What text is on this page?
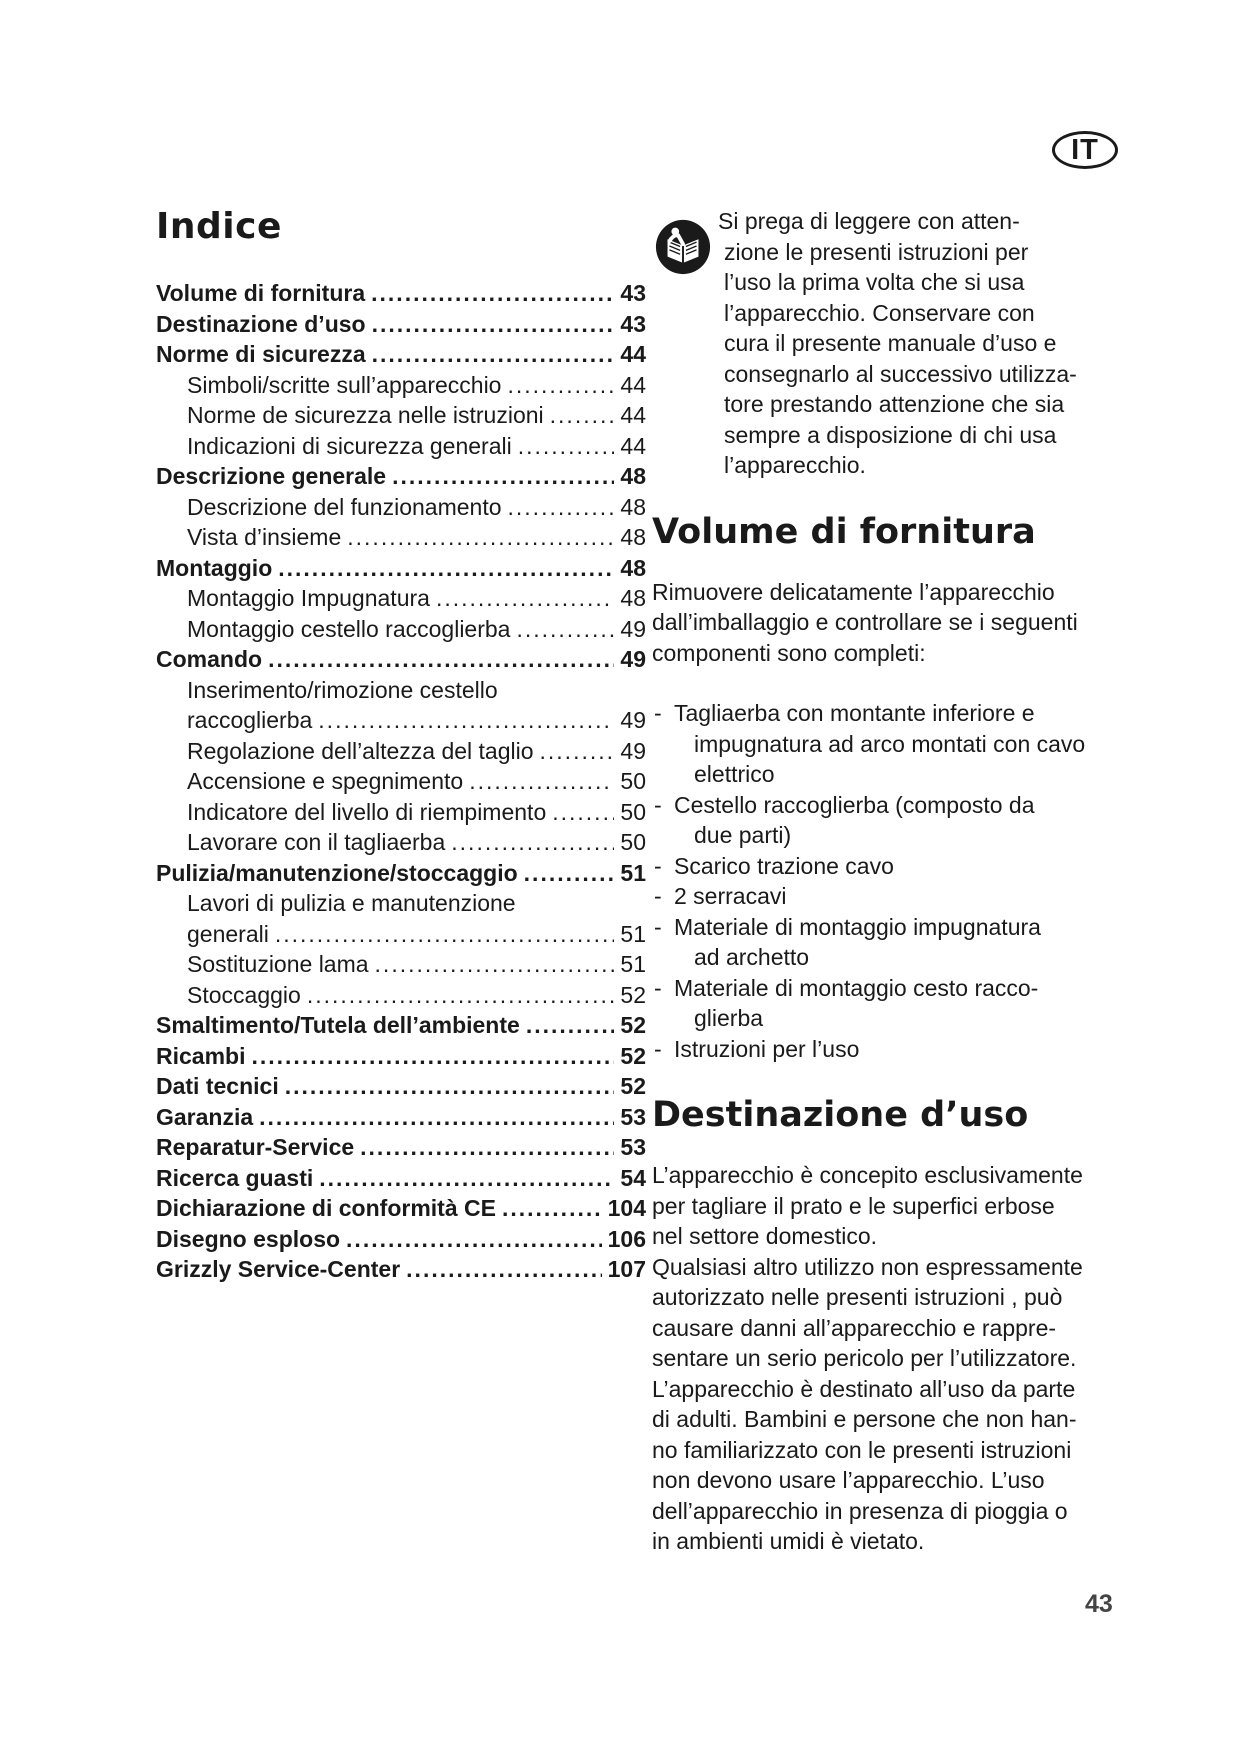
IT
Indice
Volume di fornitura .....	43
Destinazione d’uso .....	43
Norme di sicurezza .....	44
Simboli/scritte sull’apparecchio .....	44
Norme de sicurezza nelle istruzioni .....	44
Indicazioni di sicurezza generali .....	44
Descrizione generale .....	48
Descrizione del funzionamento .....	48
Vista d’insieme .....	48
Montaggio .....	48
Montaggio Impugnatura .....	48
Montaggio cestello raccoglierba .....	49
Comando .....	49
Inserimento/rimozione cestello
raccoglierba .....	49
Regolazione dell’altezza del taglio .....	49
Accensione e spegnimento .....	50
Indicatore del livello di riempimento .....	50
Lavorare con il tagliaerba .....	50
Pulizia/manutenzione/stoccaggio .....	51
Lavori di pulizia e manutenzione
generali .....	51
Sostituzione lama .....	51
Stoccaggio .....	52
Smaltimento/Tutela dell’ambiente .....	52
Ricambi .....	52
Dati tecnici .....	52
Garanzia .....	53
Reparatur-Service .....	53
Ricerca guasti .....	54
Dichiarazione di conformità CE .....	104
Disegno esploso .....	106
Grizzly Service-Center .....	107

Si prega di leggere con atten-

zione le presenti istruzioni per

l’uso la prima volta che si usa

l’apparecchio. Conservare con

cura il presente manuale d’uso e

consegnarlo al successivo utilizza-

tore prestando attenzione che sia

sempre a disposizione di chi usa

l’apparecchio.

Volume di fornitura

Rimuovere delicatamente l’apparecchio

dall’imballaggio e controllare se i seguenti

componenti sono completi:

- Tagliaerba con montante inferiore e
impugnatura ad arco montati con cavo
elettrico
- Cestello raccoglierba (composto da
due parti)
- Scarico trazione cavo
- 2 serracavi
- Materiale di montaggio impugnatura
ad archetto
- Materiale di montaggio cesto racco-
glierba
- Istruzioni per l’uso
Destinazione d’uso

L’apparecchio è concepito esclusivamente

per tagliare il prato e le superfici erbose

nel settore domestico.

Qualsiasi altro utilizzo non espressamente

autorizzato nelle presenti istruzioni , può

causare danni all’apparecchio e rappre-

sentare un serio pericolo per l’utilizzatore.

L’apparecchio è destinato all’uso da parte

di adulti. Bambini e persone che non han-

no familiarizzato con le presenti istruzioni

non devono usare l’apparecchio. L’uso

dell’apparecchio in presenza di pioggia o

in ambienti umidi è vietato.

43
